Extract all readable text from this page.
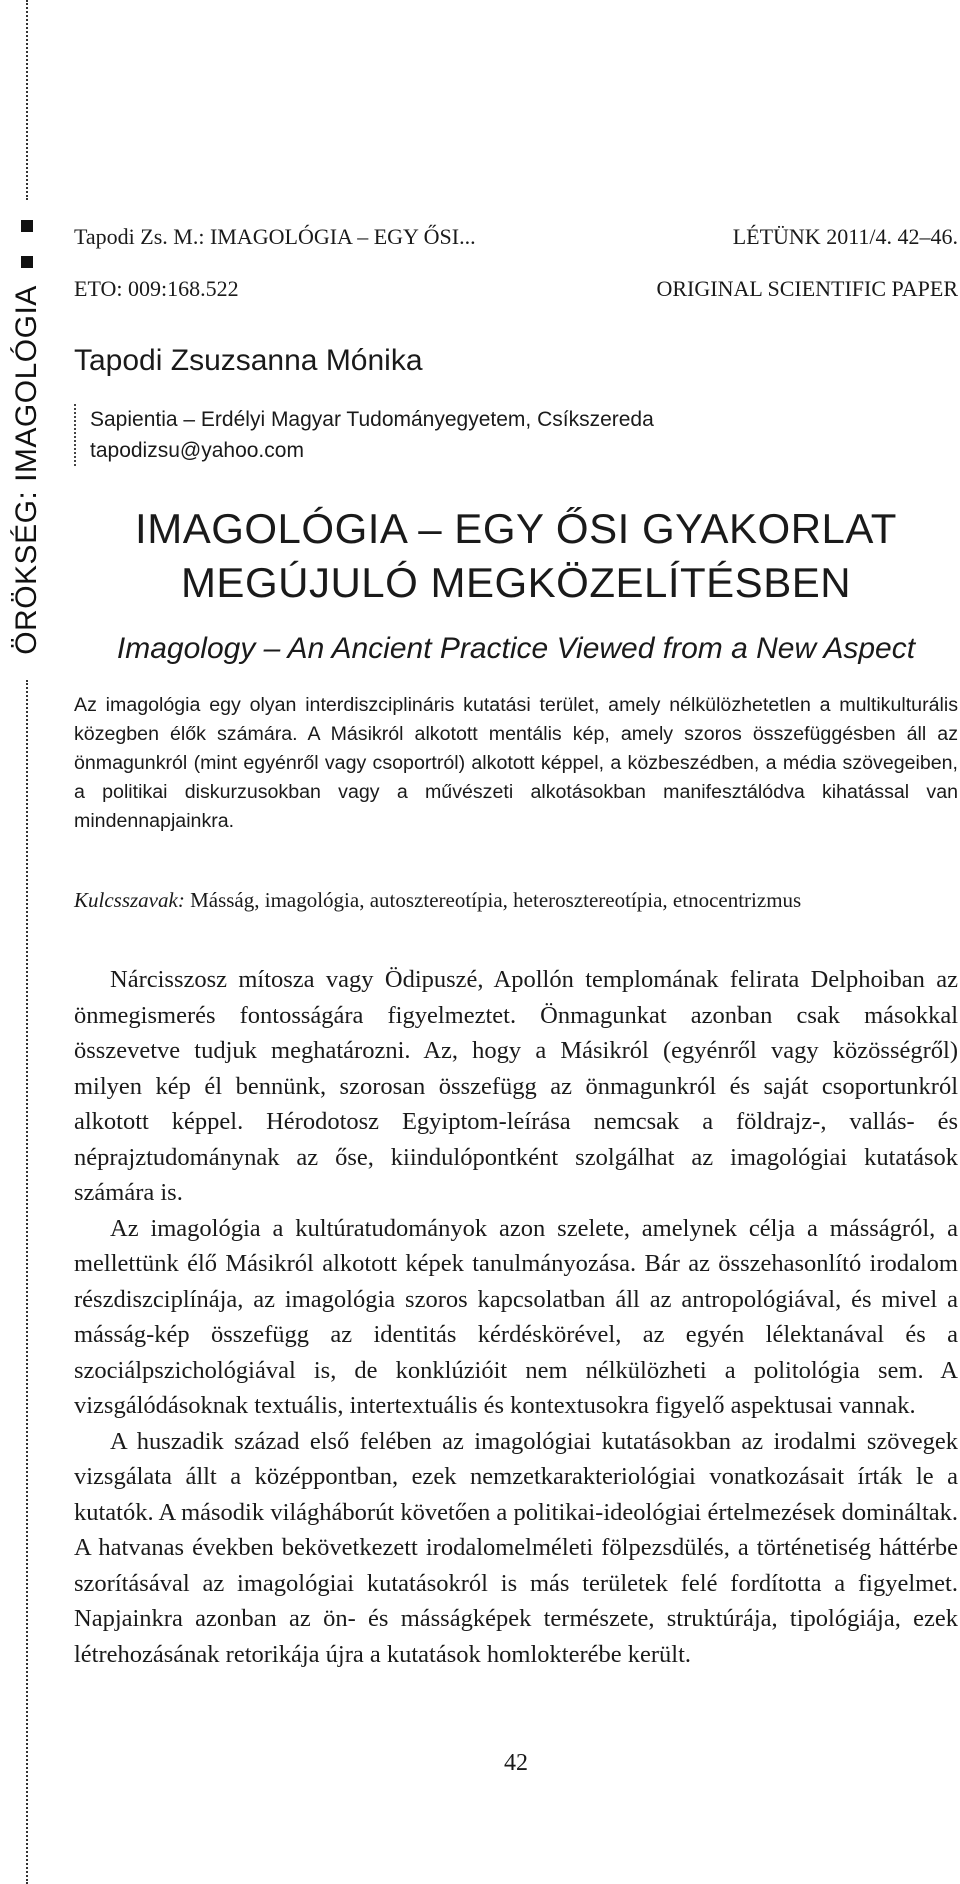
ÖRÖKSÉG: IMAGOLÓGIA
Tapodi Zs. M.: IMAGOLÓGIA – EGY ŐSI...	LÉTÜNK 2011/4. 42–46.
ETO: 009:168.522	ORIGINAL SCIENTIFIC PAPER
Tapodi Zsuzsanna Mónika
Sapientia – Erdélyi Magyar Tudományegyetem, Csíkszereda
tapodizsu@yahoo.com
IMAGOLÓGIA – EGY ŐSI GYAKORLAT
MEGÚJULÓ MEGKÖZELÍTÉSBEN
Imagology – An Ancient Practice Viewed from a New Aspect

Az imagológia egy olyan interdiszciplináris kutatási terület, amely nélkülözhetetlen a multikulturális közegben élők számára. A Másikról alkotott mentális kép, amely szoros összefüggésben áll az önmagunkról (mint egyénről vagy csoportról) alkotott képpel, a közbeszédben, a média szövegeiben, a politikai diskurzusokban vagy a művészeti alkotásokban manifesztálódva kihatással van mindennapjainkra.

Kulcsszavak: Másság, imagológia, autosztereotípia, heterosztereotípia, etnocentrizmus

Nárcisszosz mítosza vagy Ödipuszé, Apollón templomának felirata Delphoiban az önmegismerés fontosságára figyelmeztet. Önmagunkat azonban csak másokkal összevetve tudjuk meghatározni. Az, hogy a Másikról (egyénről vagy közösségről) milyen kép él bennünk, szorosan összefügg az önmagunkról és saját csoportunkról alkotott képpel. Hérodotosz Egyiptom-leírása nemcsak a földrajz-, vallás- és néprajztudománynak az őse, kiindulópontként szolgálhat az imagológiai kutatások számára is.

Az imagológia a kultúratudományok azon szelete, amelynek célja a másságról, a mellettünk élő Másikról alkotott képek tanulmányozása. Bár az összehasonlító irodalom részdiszciplínája, az imagológia szoros kapcsolatban áll az antropológiával, és mivel a másság-kép összefügg az identitás kérdéskörével, az egyén lélektanával és a szociálpszichológiával is, de konklúzióit nem nélkülözheti a politológia sem. A vizsgálódásoknak textuális, intertextuális és kontextusokra figyelő aspektusai vannak.

A huszadik század első felében az imagológiai kutatásokban az irodalmi szövegek vizsgálata állt a középpontban, ezek nemzetkarakteriológiai vonatkozásait írták le a kutatók. A második világháborút követően a politikai-ideológiai értelmezések domináltak. A hatvanas években bekövetkezett irodalomelméleti fölpezsdülés, a történetiség háttérbe szorításával az imagológiai kutatásokról is más területek felé fordította a figyelmet. Napjainkra azonban az ön- és másságképek természete, struktúrája, tipológiája, ezek létrehozásának retorikája újra a kutatások homlokterébe került.

42
